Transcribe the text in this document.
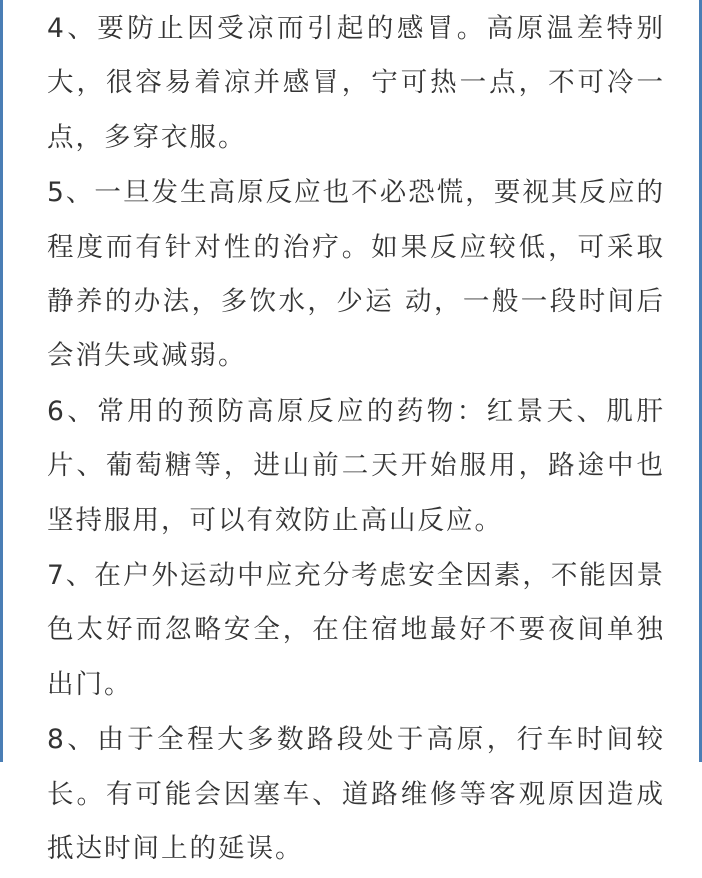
4、要防止因受凉而引起的感冒。高原温差特别大，很容易着凉并感冒，宁可热一点，不可冷一点，多穿衣服。

5、一旦发生高原反应也不必恐慌，要视其反应的程度而有针对性的治疗。如果反应较低，可采取静养的办法，多饮水，少运 动，一般一段时间后会消失或减弱。

6、常用的预防高原反应的药物：红景天、肌肝片、葡萄糖等，进山前二天开始服用，路途中也坚持服用，可以有效防止高山反应。

7、在户外运动中应充分考虑安全因素，不能因景色太好而忽略安全，在住宿地最好不要夜间单独出门。

8、由于全程大多数路段处于高原，行车时间较长。有可能会因塞车、道路维修等客观原因造成抵达时间上的延误。
